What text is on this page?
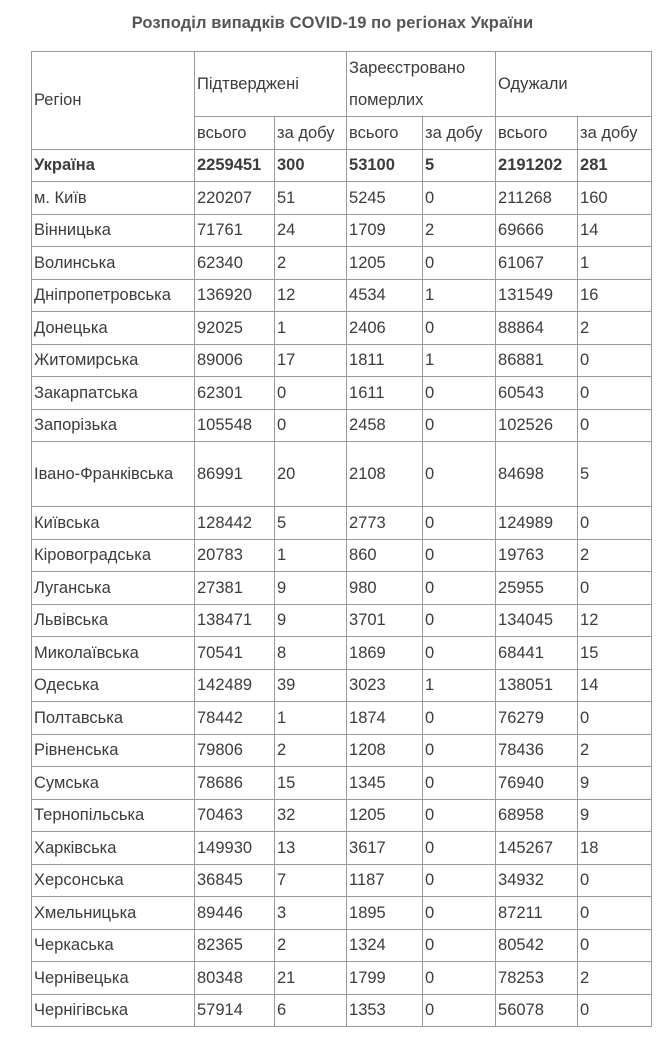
Розподіл випадків COVID-19 по регіонах України
Регіон	Підтверджені		Зареєстровано померлих		Одужали	
	всього	за добу	всього	за добу	всього	за добу
Україна	2259451	300	53100	5	2191202	281
м. Київ	220207	51	5245	0	211268	160
Вінницька	71761	24	1709	2	69666	14
Волинська	62340	2	1205	0	61067	1
Дніпропетровська	136920	12	4534	1	131549	16
Донецька	92025	1	2406	0	88864	2
Житомирська	89006	17	1811	1	86881	0
Закарпатська	62301	0	1611	0	60543	0
Запорізька	105548	0	2458	0	102526	0
Івано-Франківська	86991	20	2108	0	84698	5
Київська	128442	5	2773	0	124989	0
Кіровоградська	20783	1	860	0	19763	2
Луганська	27381	9	980	0	25955	0
Львівська	138471	9	3701	0	134045	12
Миколаївська	70541	8	1869	0	68441	15
Одеська	142489	39	3023	1	138051	14
Полтавська	78442	1	1874	0	76279	0
Рівненська	79806	2	1208	0	78436	2
Сумська	78686	15	1345	0	76940	9
Тернопільська	70463	32	1205	0	68958	9
Харківська	149930	13	3617	0	145267	18
Херсонська	36845	7	1187	0	34932	0
Хмельницька	89446	3	1895	0	87211	0
Черкаська	82365	2	1324	0	80542	0
Чернівецька	80348	21	1799	0	78253	2
Чернігівська	57914	6	1353	0	56078	0
